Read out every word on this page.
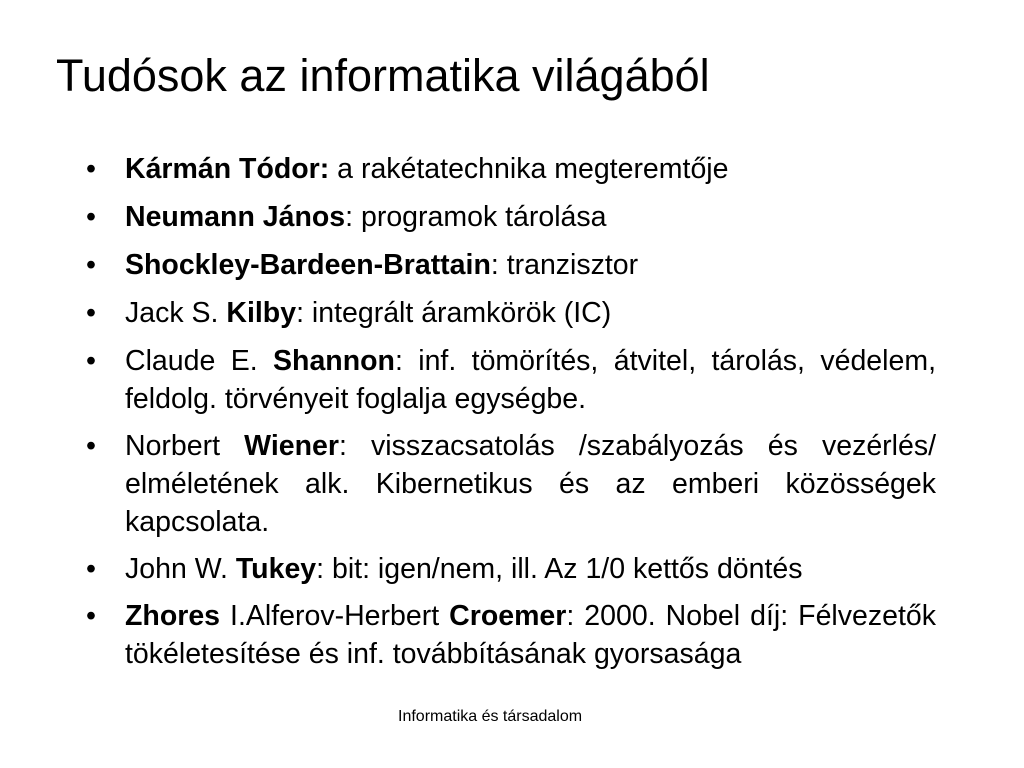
Tudósok az informatika világából
• Kármán Tódor: a rakétatechnika megteremtője
• Neumann János: programok tárolása
• Shockley-Bardeen-Brattain: tranzisztor
• Jack S. Kilby: integrált áramkörök (IC)
• Claude E. Shannon: inf. tömörítés, átvitel, tárolás, védelem, feldolg. törvényeit foglalja egységbe.
• Norbert Wiener: visszacsatolás /szabályozás és vezérlés/ elméletének alk. Kibernetikus és az emberi közösségek kapcsolata.
• John W. Tukey: bit: igen/nem, ill. Az 1/0 kettős döntés
• Zhores I.Alferov-Herbert Croemer: 2000. Nobel díj: Félvezetők tökéletesítése és inf. továbbításának gyorsasága
Informatika és társadalom
